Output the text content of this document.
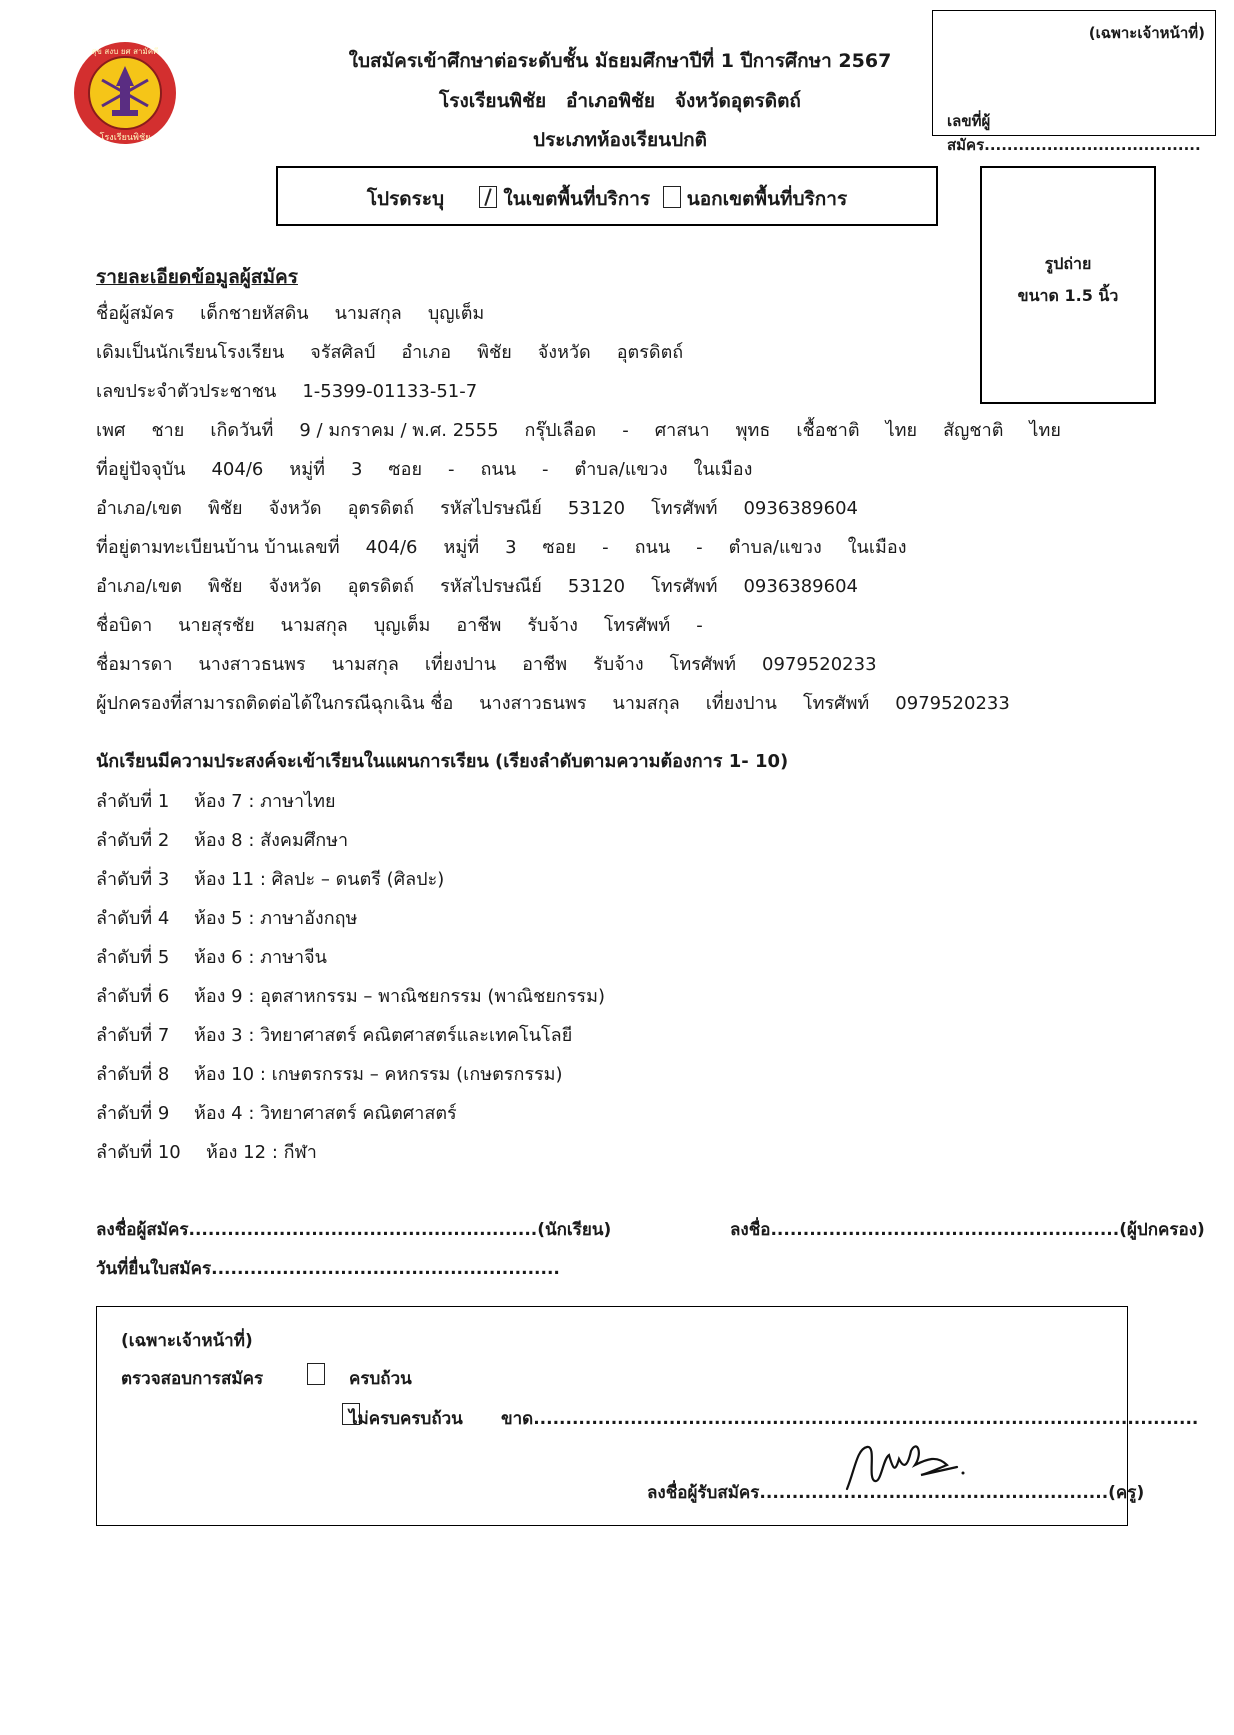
สุข สงบ ยศ สามัคคี
โรงเรียนพิชัย
ใบสมัครเข้าศึกษาต่อระดับชั้น มัธยมศึกษาปีที่ 1 ปีการศึกษา 2567
โรงเรียนพิชัย   อำเภอพิชัย   จังหวัดอุตรดิตถ์
ประเภทห้องเรียนปกติ
(เฉพาะเจ้าหน้าที่)
เลขที่ผู้สมัคร......................................
รูปถ่าย
ขนาด 1.5 นิ้ว
โปรดระบุ	ในเขตพื้นที่บริการ นอกเขตพื้นที่บริการ
รายละเอียดข้อมูลผู้สมัคร
ชื่อผู้สมัคร เด็กชายหัสดิน นามสกุล บุญเต็ม
เดิมเป็นนักเรียนโรงเรียน จรัสศิลป์ อำเภอ พิชัย จังหวัด อุตรดิตถ์
เลขประจำตัวประชาชน 1-5399-01133-51-7
เพศ ชาย เกิดวันที่ 9 / มกราคม / พ.ศ. 2555 กรุ๊ปเลือด - ศาสนา พุทธ เชื้อชาติ ไทย สัญชาติ ไทย
ที่อยู่ปัจจุบัน 404/6 หมู่ที่ 3 ซอย - ถนน - ตำบล/แขวง ในเมือง
อำเภอ/เขต พิชัย จังหวัด อุตรดิตถ์ รหัสไปรษณีย์ 53120 โทรศัพท์ 0936389604
ที่อยู่ตามทะเบียนบ้าน บ้านเลขที่ 404/6 หมู่ที่ 3 ซอย - ถนน - ตำบล/แขวง ในเมือง
อำเภอ/เขต พิชัย จังหวัด อุตรดิตถ์ รหัสไปรษณีย์ 53120 โทรศัพท์ 0936389604
ชื่อบิดา นายสุรชัย นามสกุล บุญเต็ม อาชีพ รับจ้าง โทรศัพท์ -
ชื่อมารดา นางสาวธนพร นามสกุล เที่ยงปาน อาชีพ รับจ้าง โทรศัพท์ 0979520233
ผู้ปกครองที่สามารถติดต่อได้ในกรณีฉุกเฉิน ชื่อ นางสาวธนพร นามสกุล เที่ยงปาน โทรศัพท์ 0979520233
นักเรียนมีความประสงค์จะเข้าเรียนในแผนการเรียน (เรียงลำดับตามความต้องการ 1- 10)
ลำดับที่ 1 ห้อง 7 : ภาษาไทย
ลำดับที่ 2 ห้อง 8 : สังคมศึกษา
ลำดับที่ 3 ห้อง 11 : ศิลปะ – ดนตรี (ศิลปะ)
ลำดับที่ 4 ห้อง 5 : ภาษาอังกฤษ
ลำดับที่ 5 ห้อง 6 : ภาษาจีน
ลำดับที่ 6 ห้อง 9 : อุตสาหกรรม – พาณิชยกรรม (พาณิชยกรรม)
ลำดับที่ 7 ห้อง 3 : วิทยาศาสตร์ คณิตศาสตร์และเทคโนโลยี
ลำดับที่ 8 ห้อง 10 : เกษตรกรรม – คหกรรม (เกษตรกรรม)
ลำดับที่ 9 ห้อง 4 : วิทยาศาสตร์ คณิตศาสตร์
ลำดับที่ 10 ห้อง 12 : กีฬา
ลงชื่อผู้สมัคร......................................................(นักเรียน)	ลงชื่อ......................................................(ผู้ปกครอง)
วันที่ยื่นใบสมัคร......................................................
(เฉพาะเจ้าหน้าที่)
ตรวจสอบการสมัคร
	ครบถ้วน
ไม่ครบครบถ้วน ขาด.......................................................................................................
ลงชื่อผู้รับสมัคร......................................................(ครู)
